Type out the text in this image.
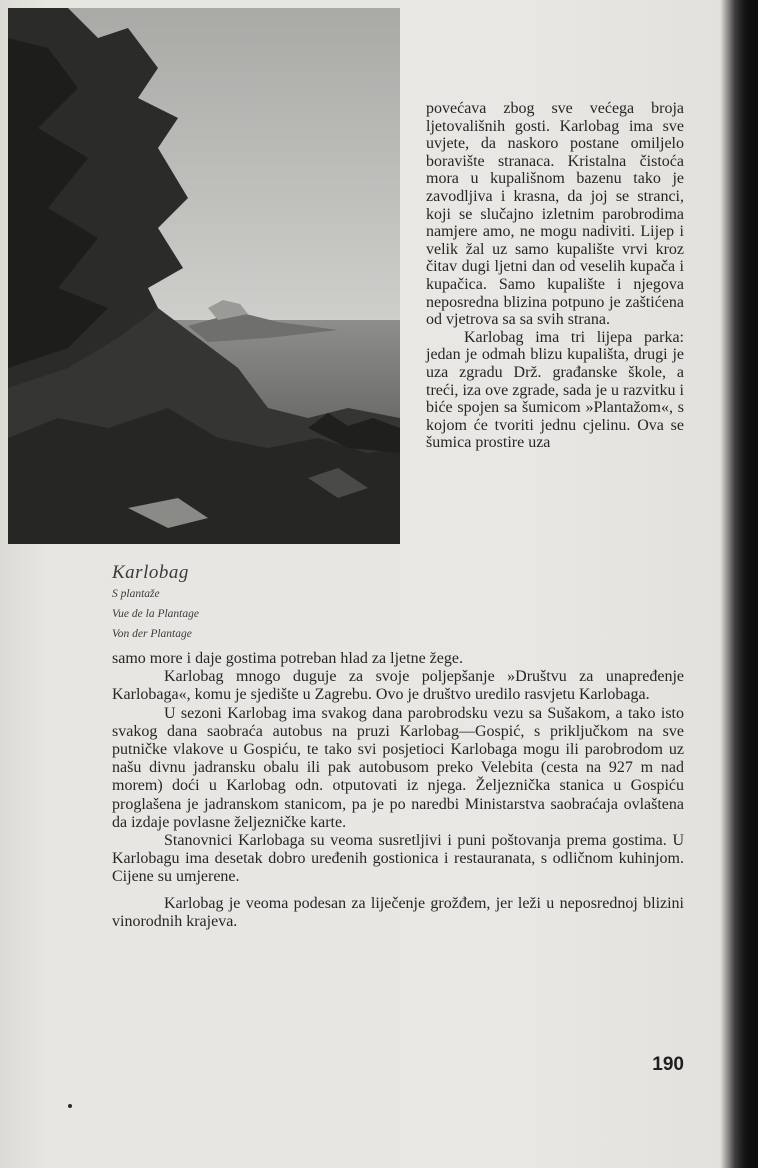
Karlobag
S plantaže
Vue de la Plantage
Von der Plantage

povećava zbog sve većega broja ljetovališnih gosti. Karlobag ima sve uvjete, da naskoro postane omiljelo boravište stranaca. Kristalna čistoća mora u kupališnom bazenu tako je zavodljiva i krasna, da joj se stranci, koji se slučajno izletnim parobrodima namjere amo, ne mogu nadiviti. Lijep i velik žal uz samo kupalište vrvi kroz čitav dugi ljetni dan od veselih kupača i kupačica. Samo kupalište i njegova neposredna blizina potpuno je zaštićena od vjetrova sa sa svih strana.

Karlobag ima tri lijepa parka: jedan je odmah blizu kupališta, drugi je uza zgradu Drž. građanske škole, a treći, iza ove zgrade, sada je u razvitku i biće spojen sa šumicom »Plantažom«, s kojom će tvoriti jednu cjelinu. Ova se šumica prostire uza

samo more i daje gostima potreban hlad za ljetne žege.

Karlobag mnogo duguje za svoje poljepšanje »Društvu za unapređenje Karlobaga«, komu je sjedište u Zagrebu. Ovo je društvo uredilo rasvjetu Karlobaga.

U sezoni Karlobag ima svakog dana parobrodsku vezu sa Sušakom, a tako isto svakog dana saobraća autobus na pruzi Karlobag—Gospić, s priključkom na sve putničke vlakove u Gospiću, te tako svi posjetioci Karlobaga mogu ili parobrodom uz našu divnu jadransku obalu ili pak autobusom preko Velebita (cesta na 927 m nad morem) doći u Karlobag odn. otputovati iz njega. Željeznička stanica u Gospiću proglašena je jadranskom stanicom, pa je po naredbi Ministarstva saobraćaja ovlaštena da izdaje povlasne željezničke karte.

Stanovnici Karlobaga su veoma susretljivi i puni poštovanja prema gostima. U Karlobagu ima desetak dobro uređenih gostionica i restauranata, s odličnom kuhinjom. Cijene su umjerene.

Karlobag je veoma podesan za liječenje grožđem, jer leži u neposrednoj blizini vinorodnih krajeva.

190
